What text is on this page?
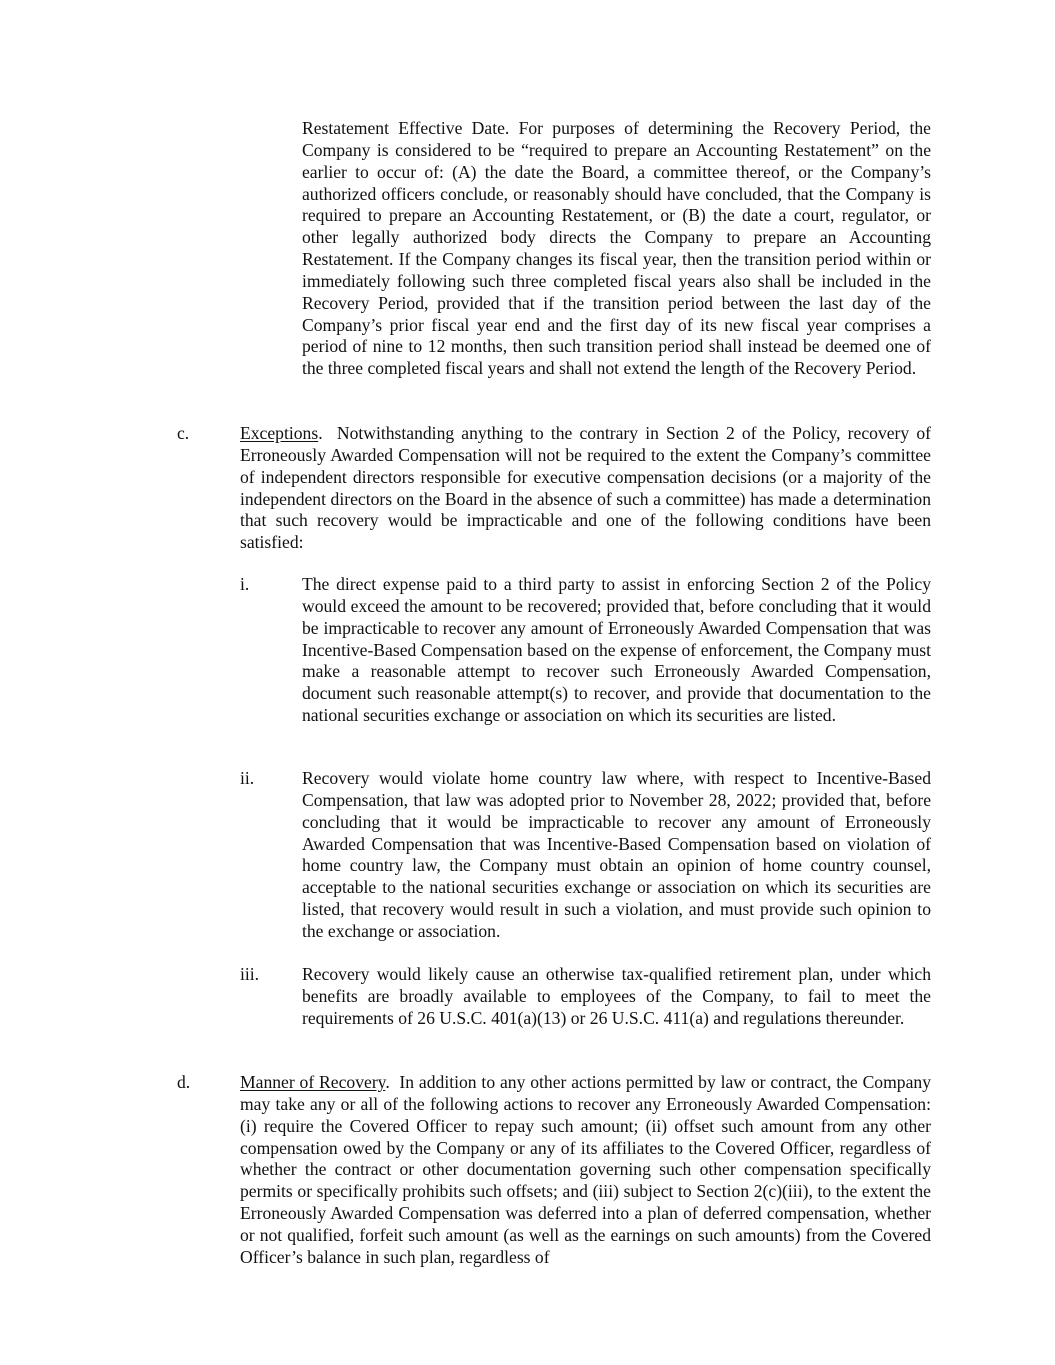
Restatement Effective Date. For purposes of determining the Recovery Period, the Company is considered to be “required to prepare an Accounting Restatement” on the earlier to occur of: (A) the date the Board, a committee thereof, or the Company’s authorized officers conclude, or reasonably should have concluded, that the Company is required to prepare an Accounting Restatement, or (B) the date a court, regulator, or other legally authorized body directs the Company to prepare an Accounting Restatement. If the Company changes its fiscal year, then the transition period within or immediately following such three completed fiscal years also shall be included in the Recovery Period, provided that if the transition period between the last day of the Company’s prior fiscal year end and the first day of its new fiscal year comprises a period of nine to 12 months, then such transition period shall instead be deemed one of the three completed fiscal years and shall not extend the length of the Recovery Period.

c.	Exceptions.  Notwithstanding anything to the contrary in Section 2 of the Policy, recovery of Erroneously Awarded Compensation will not be required to the extent the Company’s committee of independent directors responsible for executive compensation decisions (or a majority of the independent directors on the Board in the absence of such a committee) has made a determination that such recovery would be impracticable and one of the following conditions have been satisfied:

i.	The direct expense paid to a third party to assist in enforcing Section 2 of the Policy would exceed the amount to be recovered; provided that, before concluding that it would be impracticable to recover any amount of Erroneously Awarded Compensation that was Incentive-Based Compensation based on the expense of enforcement, the Company must make a reasonable attempt to recover such Erroneously Awarded Compensation, document such reasonable attempt(s) to recover, and provide that documentation to the national securities exchange or association on which its securities are listed.

ii.	Recovery would violate home country law where, with respect to Incentive-Based Compensation, that law was adopted prior to November 28, 2022; provided that, before concluding that it would be impracticable to recover any amount of Erroneously Awarded Compensation that was Incentive-Based Compensation based on violation of home country law, the Company must obtain an opinion of home country counsel, acceptable to the national securities exchange or association on which its securities are listed, that recovery would result in such a violation, and must provide such opinion to the exchange or association.

iii. Recovery would likely cause an otherwise tax-qualified retirement plan, under which benefits are broadly available to employees of the Company, to fail to meet the requirements of 26 U.S.C. 401(a)(13) or 26 U.S.C. 411(a) and regulations thereunder.

d.	Manner of Recovery.  In addition to any other actions permitted by law or contract, the Company may take any or all of the following actions to recover any Erroneously Awarded Compensation: (i) require the Covered Officer to repay such amount; (ii) offset such amount from any other compensation owed by the Company or any of its affiliates to the Covered Officer, regardless of whether the contract or other documentation governing such other compensation specifically permits or specifically prohibits such offsets; and (iii) subject to Section 2(c)(iii), to the extent the Erroneously Awarded Compensation was deferred into a plan of deferred compensation, whether or not qualified, forfeit such amount (as well as the earnings on such amounts) from the Covered Officer’s balance in such plan, regardless of
